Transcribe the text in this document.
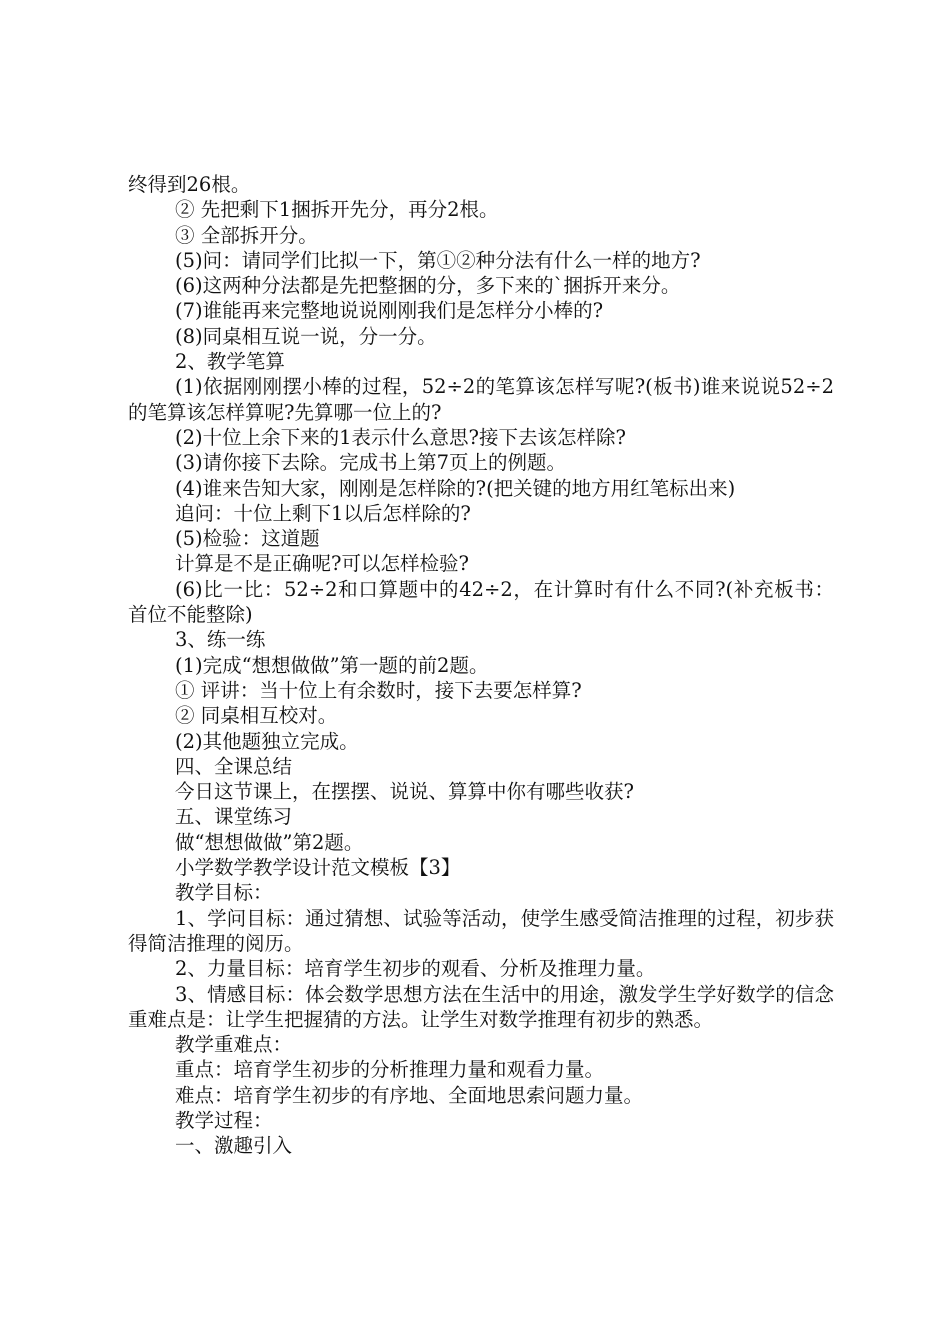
终得到26根。

② 先把剩下1捆拆开先分，再分2根。

③ 全部拆开分。

(5)问：请同学们比拟一下，第①②种分法有什么一样的地方?

(6)这两种分法都是先把整捆的分，多下来的`捆拆开来分。

(7)谁能再来完整地说说刚刚我们是怎样分小棒的?

(8)同桌相互说一说，分一分。

2、教学笔算

(1)依据刚刚摆小棒的过程，52÷2的笔算该怎样写呢?(板书)谁来说说52÷2的笔算该怎样算呢?先算哪一位上的?

(2)十位上余下来的1表示什么意思?接下去该怎样除?

(3)请你接下去除。完成书上第7页上的例题。

(4)谁来告知大家，刚刚是怎样除的?(把关键的地方用红笔标出来)

追问：十位上剩下1以后怎样除的?

(5)检验：这道题

计算是不是正确呢?可以怎样检验?

(6)比一比：52÷2和口算题中的42÷2，在计算时有什么不同?(补充板书：首位不能整除)

3、练一练

(1)完成“想想做做”第一题的前2题。

① 评讲：当十位上有余数时，接下去要怎样算?

② 同桌相互校对。

(2)其他题独立完成。

四、全课总结

今日这节课上，在摆摆、说说、算算中你有哪些收获?

五、课堂练习

做“想想做做”第2题。

小学数学教学设计范文模板【3】

教学目标：

1、学问目标：通过猜想、试验等活动，使学生感受简洁推理的过程，初步获得简洁推理的阅历。

2、力量目标：培育学生初步的观看、分析及推理力量。

3、情感目标：体会数学思想方法在生活中的用途，激发学生学好数学的信念重难点是：让学生把握猜的方法。让学生对数学推理有初步的熟悉。

教学重难点：

重点：培育学生初步的分析推理力量和观看力量。

难点：培育学生初步的有序地、全面地思索问题力量。

教学过程：

一、激趣引入
